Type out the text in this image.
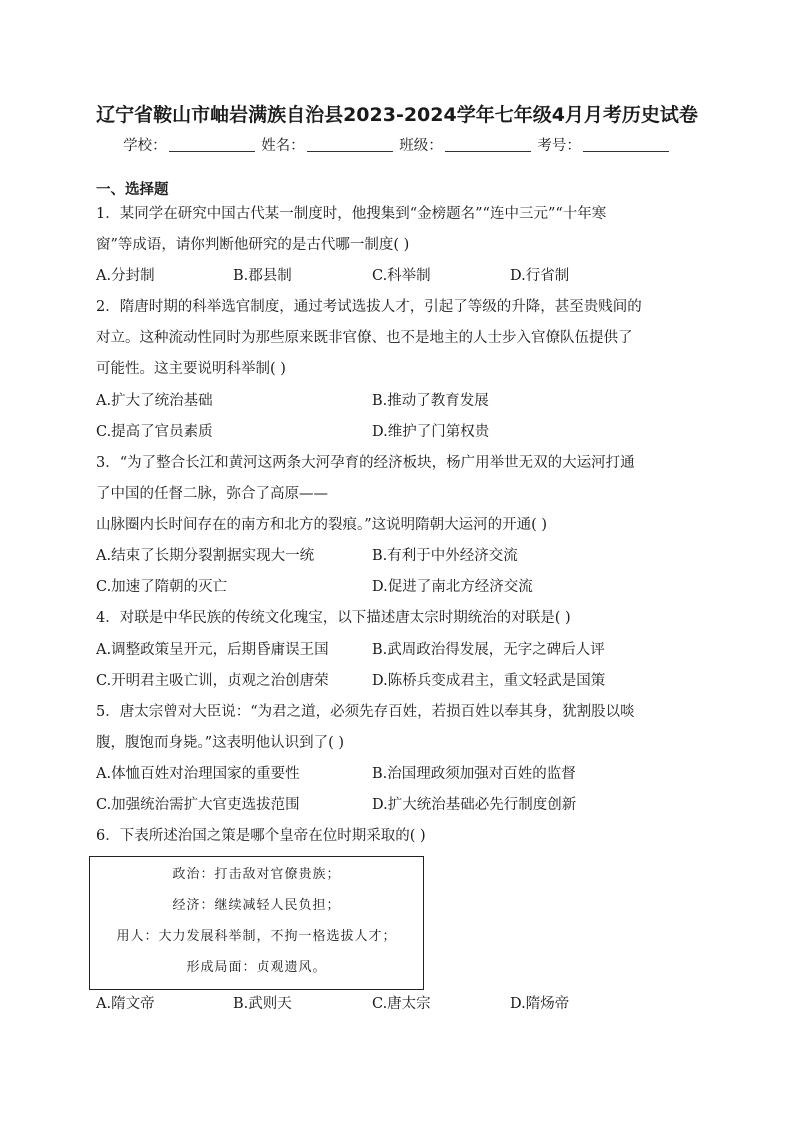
辽宁省鞍山市岫岩满族自治县2023-2024学年七年级4月月考历史试卷
学校：	姓名：	班级：	考号：
一、选择题
1．某同学在研究中国古代某一制度时，他搜集到“金榜题名”“连中三元”“十年寒
窗”等成语，请你判断他研究的是古代哪一制度( )
A.分封制	B.郡县制	C.科举制	D.行省制
2．隋唐时期的科举选官制度，通过考试选拔人才，引起了等级的升降，甚至贵贱间的
对立。这种流动性同时为那些原来既非官僚、也不是地主的人士步入官僚队伍提供了
可能性。这主要说明科举制( )
A.扩大了统治基础	B.推动了教育发展
C.提高了官员素质	D.维护了门第权贵
3．“为了整合长江和黄河这两条大河孕育的经济板块，杨广用举世无双的大运河打通
了中国的任督二脉，弥合了高原——
山脉圈内长时间存在的南方和北方的裂痕。”这说明隋朝大运河的开通( )
A.结束了长期分裂割据实现大一统	B.有利于中外经济交流
C.加速了隋朝的灭亡	D.促进了南北方经济交流
4．对联是中华民族的传统文化瑰宝，以下描述唐太宗时期统治的对联是( )
A.调整政策呈开元，后期昏庸误王国	B.武周政治得发展，无字之碑后人评
C.开明君主吸亡训，贞观之治创唐荣	D.陈桥兵变成君主，重文轻武是国策
5．唐太宗曾对大臣说：“为君之道，必须先存百姓，若损百姓以奉其身，犹割股以啖
腹，腹饱而身毙。”这表明他认识到了( )
A.体恤百姓对治理国家的重要性	B.治国理政须加强对百姓的监督
C.加强统治需扩大官吏选拔范围	D.扩大统治基础必先行制度创新
6．下表所述治国之策是哪个皇帝在位时期采取的( )
政治：打击敌对官僚贵族；
经济：继续减轻人民负担；
用人：大力发展科举制，不拘一格选拔人才；
形成局面：贞观遗风。
A.隋文帝	B.武则天	C.唐太宗	D.隋炀帝
